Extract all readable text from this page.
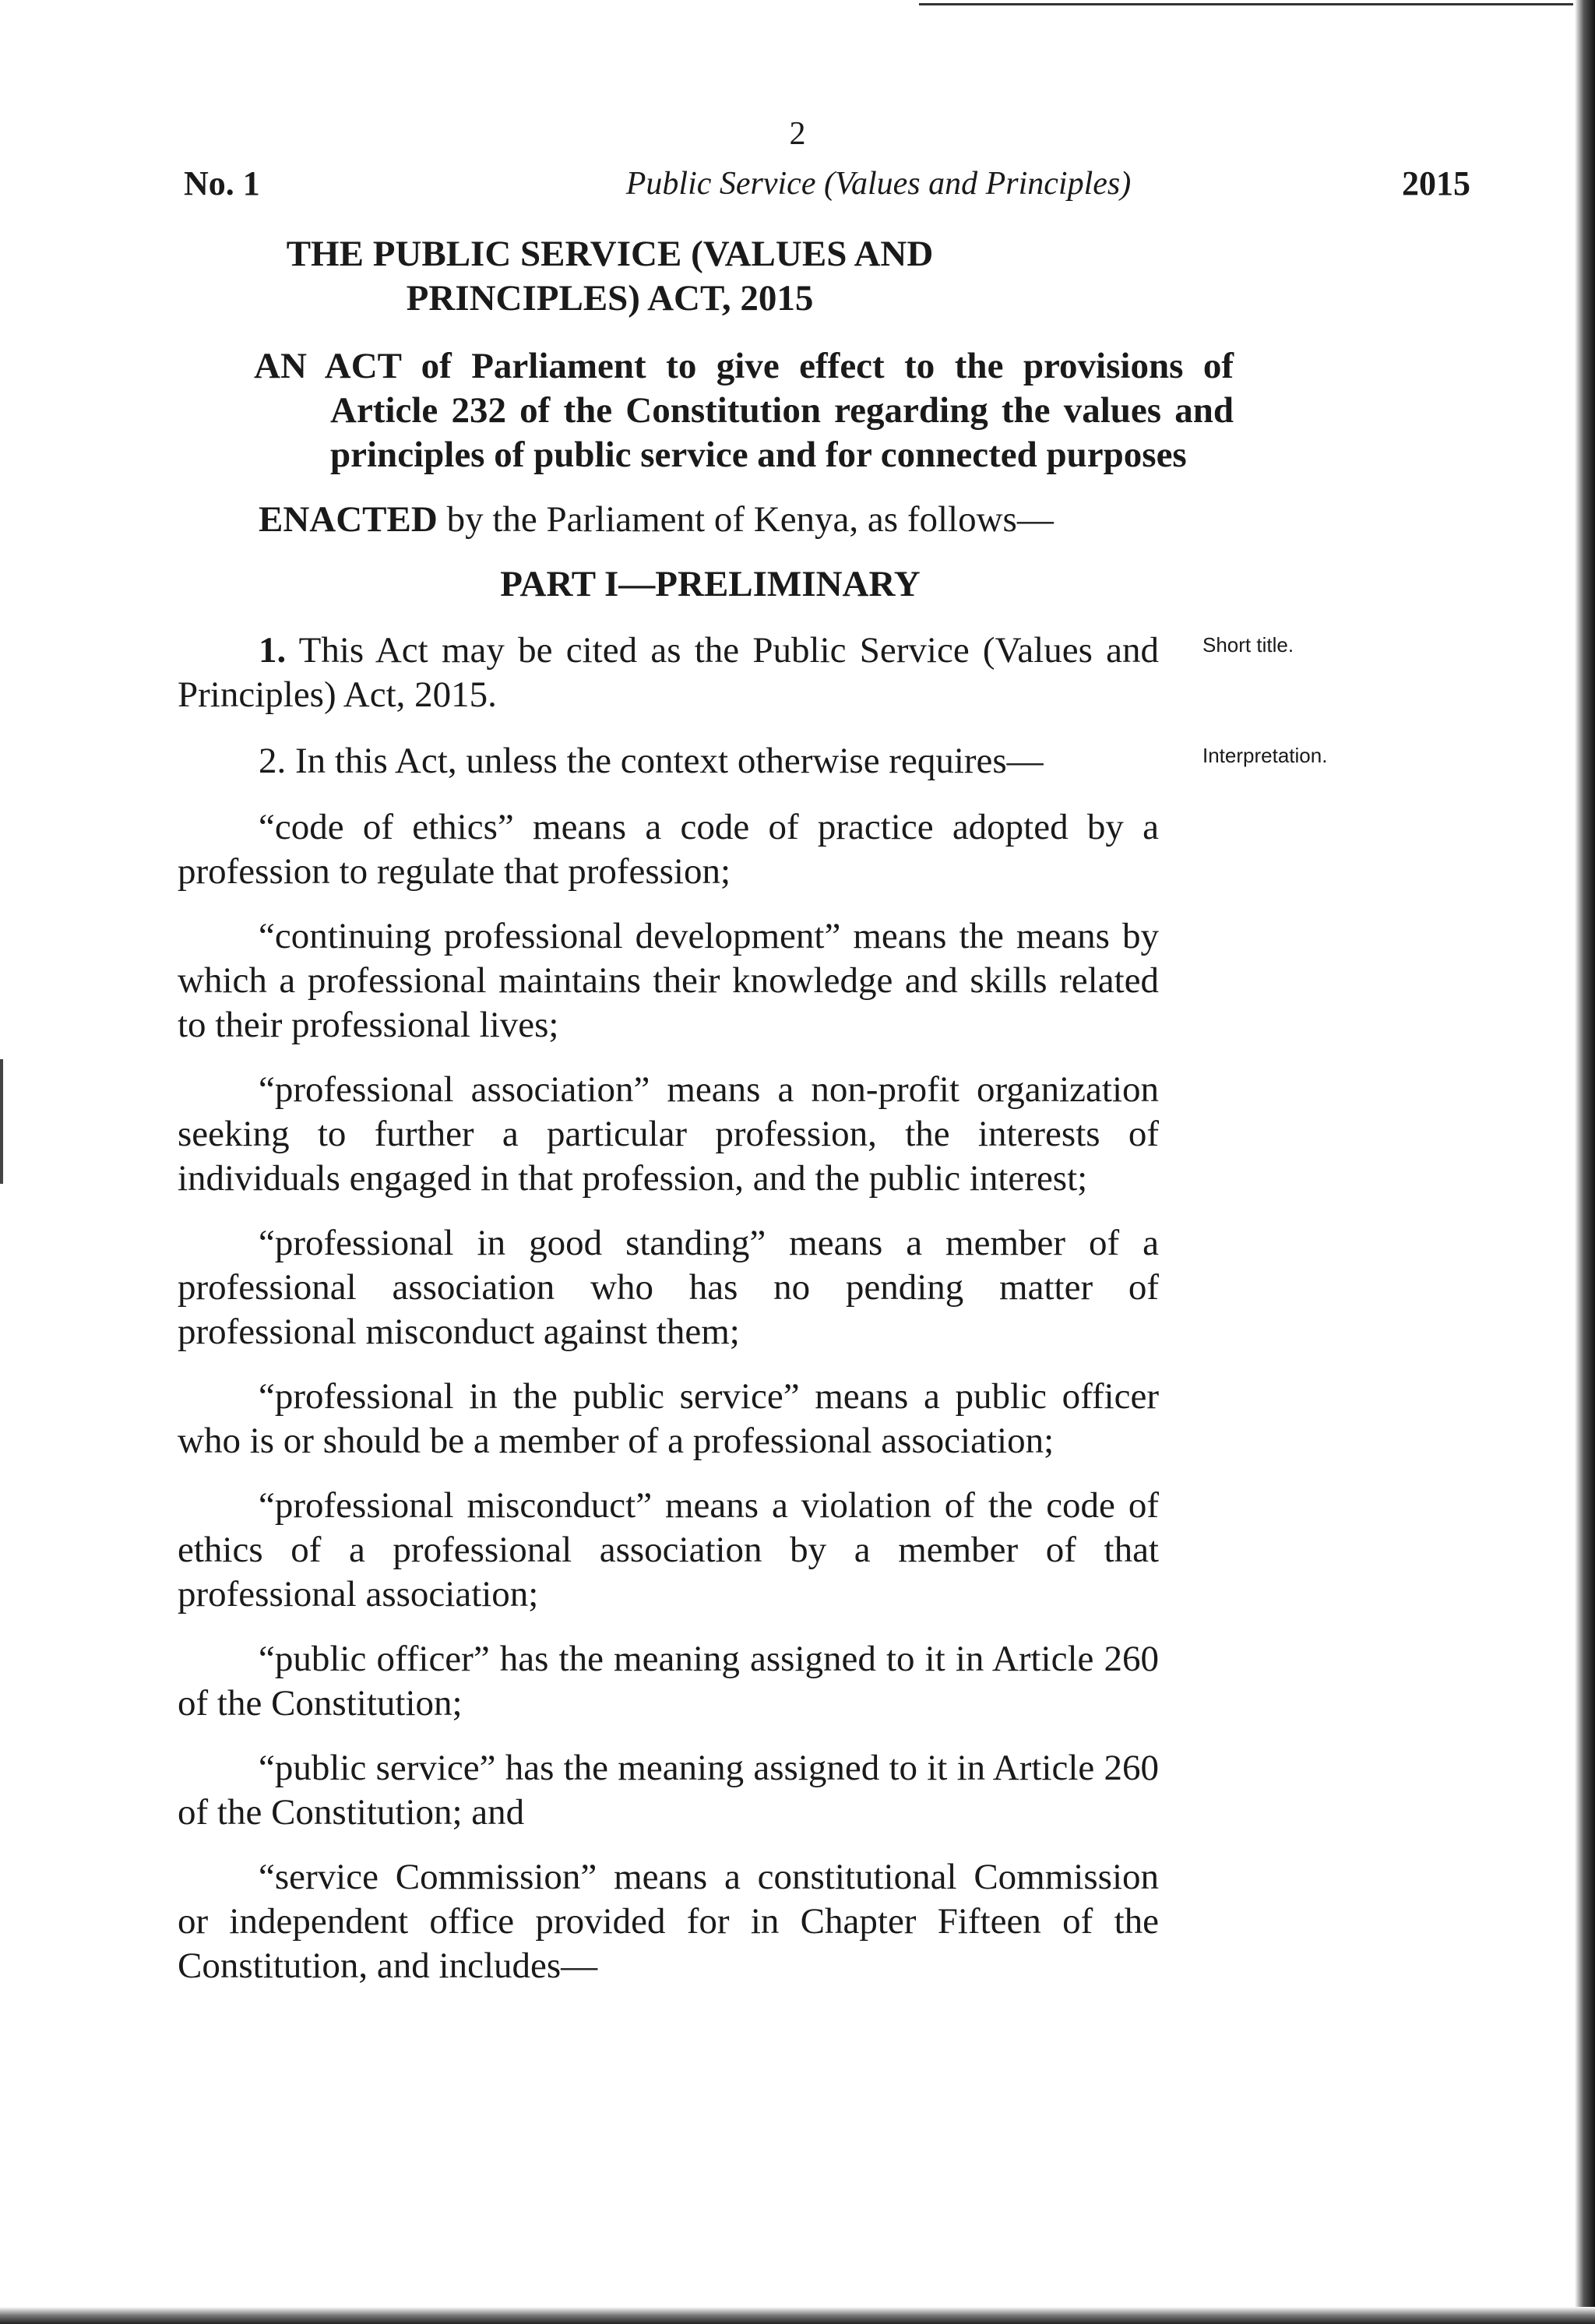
2
No. 1	Public Service (Values and Principles)	2015
THE PUBLIC SERVICE (VALUES AND
PRINCIPLES) ACT, 2015
AN ACT of Parliament to give effect to the provisions of Article 232 of the Constitution regarding the values and principles of public service and for connected purposes
ENACTED by the Parliament of Kenya, as follows—
PART I—PRELIMINARY
Short title.
1. This Act may be cited as the Public Service (Values and Principles) Act, 2015.
Interpretation.
2. In this Act, unless the context otherwise requires—
“code of ethics” means a code of practice adopted by a profession to regulate that profession;
“continuing professional development” means the means by which a professional maintains their knowledge and skills related to their professional lives;
“professional association” means a non-profit organization seeking to further a particular profession, the interests of individuals engaged in that profession, and the public interest;
“professional in good standing” means a member of a professional association who has no pending matter of professional misconduct against them;
“professional in the public service” means a public officer who is or should be a member of a professional association;
“professional misconduct” means a violation of the code of ethics of a professional association by a member of that professional association;
“public officer” has the meaning assigned to it in Article 260 of the Constitution;
“public service” has the meaning assigned to it in Article 260 of the Constitution; and
“service Commission” means a constitutional Commission or independent office provided for in Chapter Fifteen of the Constitution, and includes—
